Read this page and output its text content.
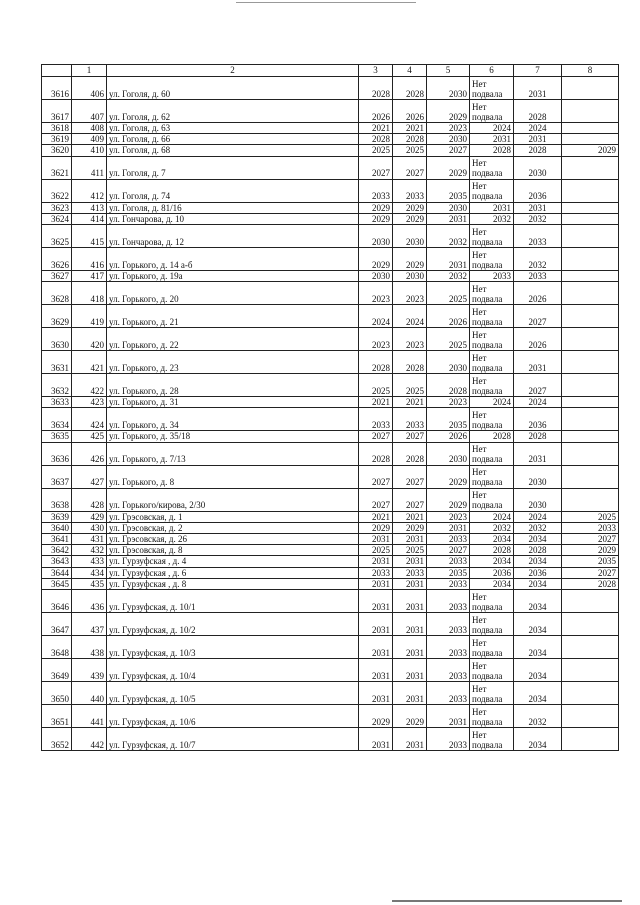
	1	2	3	4	5	6	7	8
3616	406	ул. Гоголя, д. 60	2028	2028	2030	Нет
подвала	2031	
3617	407	ул. Гоголя, д. 62	2026	2026	2029	Нет
подвала	2028	
3618	408	ул. Гоголя, д. 63	2021	2021	2023	2024	2024	
3619	409	ул. Гоголя, д. 66	2028	2028	2030	2031	2031	
3620	410	ул. Гоголя, д. 68	2025	2025	2027	2028	2028	2029
3621	411	ул. Гоголя, д. 7	2027	2027	2029	Нет
подвала	2030	
3622	412	ул. Гоголя, д. 74	2033	2033	2035	Нет
подвала	2036	
3623	413	ул. Гоголя, д. 81/16	2029	2029	2030	2031	2031	
3624	414	ул. Гончарова, д. 10	2029	2029	2031	2032	2032	
3625	415	ул. Гончарова, д. 12	2030	2030	2032	Нет
подвала	2033	
3626	416	ул. Горького, д. 14 а-б	2029	2029	2031	Нет
подвала	2032	
3627	417	ул. Горького, д. 19а	2030	2030	2032	2033	2033	
3628	418	ул. Горького, д. 20	2023	2023	2025	Нет
подвала	2026	
3629	419	ул. Горького, д. 21	2024	2024	2026	Нет
подвала	2027	
3630	420	ул. Горького, д. 22	2023	2023	2025	Нет
подвала	2026	
3631	421	ул. Горького, д. 23	2028	2028	2030	Нет
подвала	2031	
3632	422	ул. Горького, д. 28	2025	2025	2028	Нет
подвала	2027	
3633	423	ул. Горького, д. 31	2021	2021	2023	2024	2024	
3634	424	ул. Горького, д. 34	2033	2033	2035	Нет
подвала	2036	
3635	425	ул. Горького, д. 35/18	2027	2027	2026	2028	2028	
3636	426	ул. Горького, д. 7/13	2028	2028	2030	Нет
подвала	2031	
3637	427	ул. Горького, д. 8	2027	2027	2029	Нет
подвала	2030	
3638	428	ул. Горького/кирова, 2/30	2027	2027	2029	Нет
подвала	2030	
3639	429	ул. Грэсовская, д. 1	2021	2021	2023	2024	2024	2025
3640	430	ул. Грэсовская, д. 2	2029	2029	2031	2032	2032	2033
3641	431	ул. Грэсовская, д. 26	2031	2031	2033	2034	2034	2027
3642	432	ул. Грэсовская, д. 8	2025	2025	2027	2028	2028	2029
3643	433	ул. Гурзуфская , д. 4	2031	2031	2033	2034	2034	2035
3644	434	ул. Гурзуфская , д. 6	2033	2033	2035	2036	2036	2027
3645	435	ул. Гурзуфская , д. 8	2031	2031	2033	2034	2034	2028
3646	436	ул. Гурзуфская, д. 10/1	2031	2031	2033	Нет
подвала	2034	
3647	437	ул. Гурзуфская, д. 10/2	2031	2031	2033	Нет
подвала	2034	
3648	438	ул. Гурзуфская, д. 10/3	2031	2031	2033	Нет
подвала	2034	
3649	439	ул. Гурзуфская, д. 10/4	2031	2031	2033	Нет
подвала	2034	
3650	440	ул. Гурзуфская, д. 10/5	2031	2031	2033	Нет
подвала	2034	
3651	441	ул. Гурзуфская, д. 10/6	2029	2029	2031	Нет
подвала	2032	
3652	442	ул. Гурзуфская, д. 10/7	2031	2031	2033	Нет
подвала	2034	
